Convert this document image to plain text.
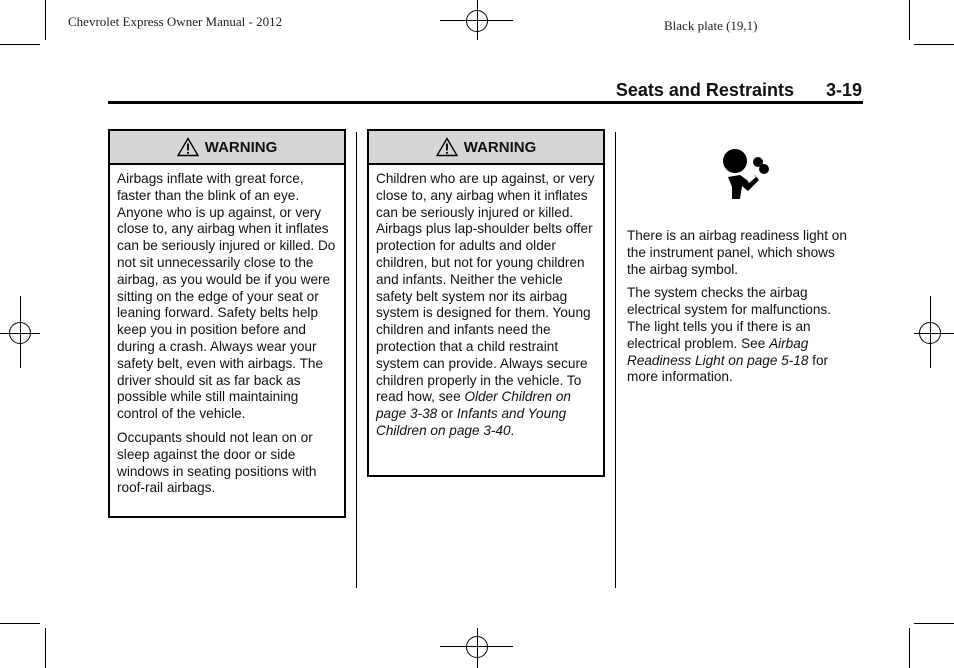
Chevrolet Express Owner Manual - 2012	Black plate (19,1)
Seats and Restraints 3-19
WARNING

Airbags inflate with great force, faster than the blink of an eye. Anyone who is up against, or very close to, any airbag when it inflates can be seriously injured or killed. Do not sit unnecessarily close to the airbag, as you would be if you were sitting on the edge of your seat or leaning forward. Safety belts help keep you in position before and during a crash. Always wear your safety belt, even with airbags. The driver should sit as far back as possible while still maintaining control of the vehicle.

Occupants should not lean on or sleep against the door or side windows in seating positions with roof-rail airbags.

WARNING

Children who are up against, or very close to, any airbag when it inflates can be seriously injured or killed. Airbags plus lap-shoulder belts offer protection for adults and older children, but not for young children and infants. Neither the vehicle safety belt system nor its airbag system is designed for them. Young children and infants need the protection that a child restraint system can provide. Always secure children properly in the vehicle. To read how, see Older Children on page 3-38 or Infants and Young Children on page 3-40.

There is an airbag readiness light on the instrument panel, which shows the airbag symbol.

The system checks the airbag electrical system for malfunctions. The light tells you if there is an electrical problem. See Airbag Readiness Light on page 5-18 for more information.
